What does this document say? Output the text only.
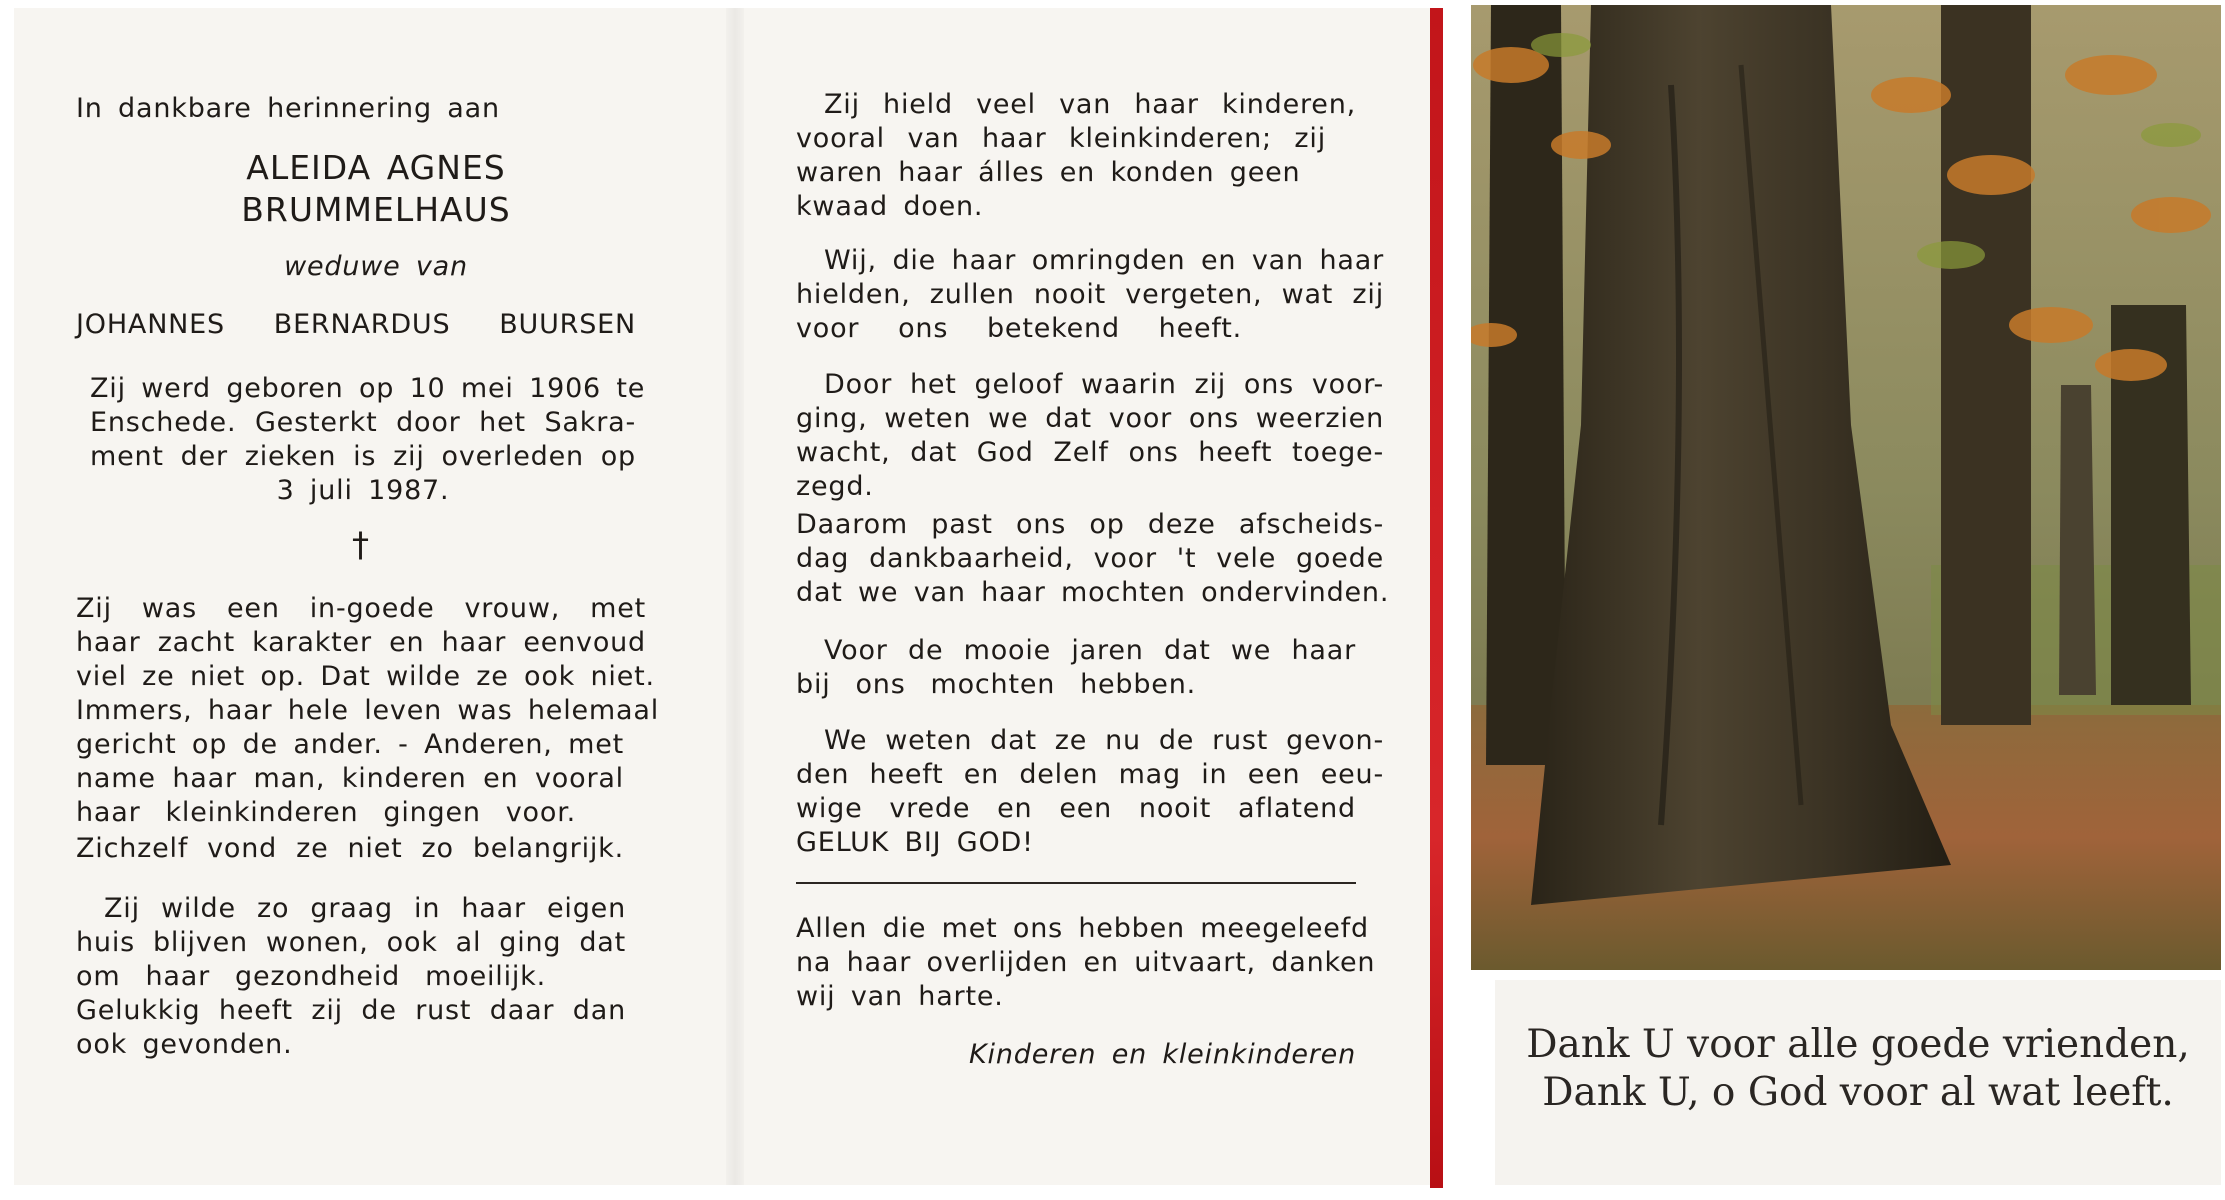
In dankbare herinnering aan
ALEIDA AGNES
BRUMMELHAUS
weduwe van
JOHANNES BERNARDUS BUURSEN
Zij werd geboren op 10 mei 1906 te
Enschede. Gesterkt door het Sakra-
ment der zieken is zij overleden op
3 juli 1987.
†
Zij was een in-goede vrouw, met
haar zacht karakter en haar eenvoud
viel ze niet op. Dat wilde ze ook niet.
Immers, haar hele leven was helemaal
gericht op de ander. - Anderen, met
name haar man, kinderen en vooral
haar kleinkinderen gingen voor.
Zichzelf vond ze niet zo belangrijk.
Zij wilde zo graag in haar eigen
huis blijven wonen, ook al ging dat
om haar gezondheid moeilijk.
Gelukkig heeft zij de rust daar dan
ook gevonden.
Zij hield veel van haar kinderen,
vooral van haar kleinkinderen; zij
waren haar álles en konden geen
kwaad doen.
Wij, die haar omringden en van haar
hielden, zullen nooit vergeten, wat zij
voor ons betekend heeft.
Door het geloof waarin zij ons voor-
ging, weten we dat voor ons weerzien
wacht, dat God Zelf ons heeft toege-
zegd.
Daarom past ons op deze afscheids-
dag dankbaarheid, voor 't vele goede
dat we van haar mochten ondervinden.
Voor de mooie jaren dat we haar
bij ons mochten hebben.
We weten dat ze nu de rust gevon-
den heeft en delen mag in een eeu-
wige vrede en een nooit aflatend
GELUK BIJ GOD!
Allen die met ons hebben meegeleefd
na haar overlijden en uitvaart, danken
wij van harte.
Kinderen en kleinkinderen	Dank U voor alle goede vrienden,
Dank U, o God voor al wat leeft.
